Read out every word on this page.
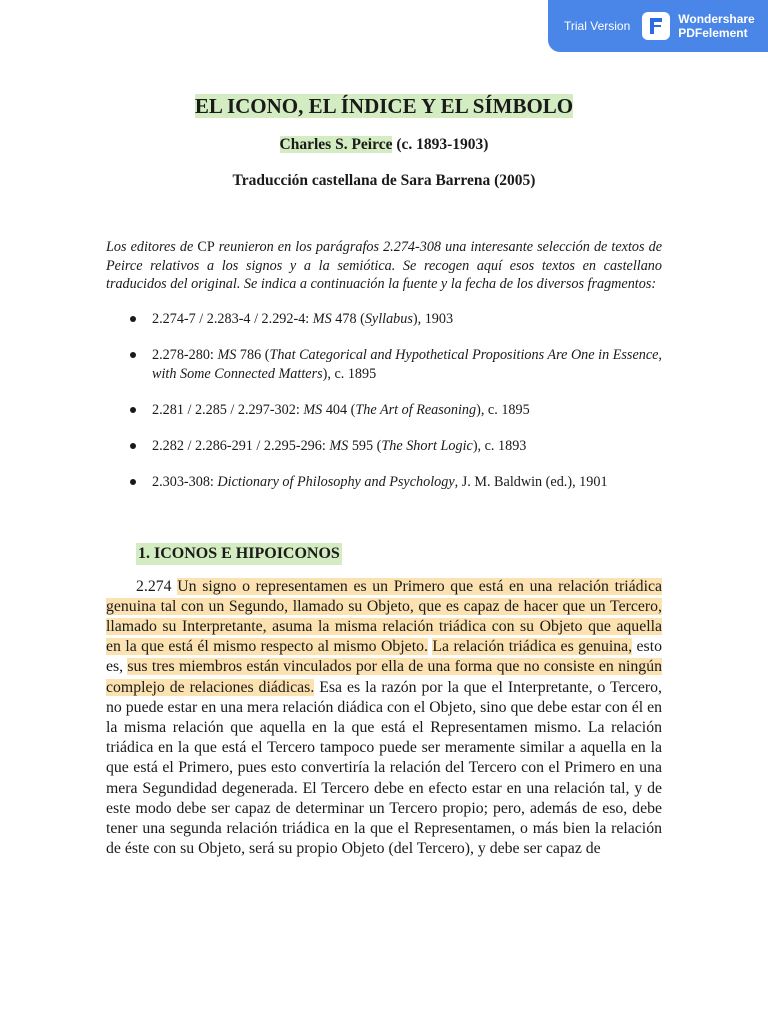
Trial Version	Wondershare
PDFelement
EL ICONO, EL ÍNDICE Y EL SÍMBOLO
Charles S. Peirce (c. 1893-1903)
Traducción castellana de Sara Barrena (2005)

Los editores de CP reunieron en los parágrafos 2.274-308 una interesante selección de textos de Peirce relativos a los signos y a la semiótica. Se recogen aquí esos textos en castellano traducidos del original. Se indica a continuación la fuente y la fecha de los diversos fragmentos:

2.274-7 / 2.283-4 / 2.292-4: MS 478 (Syllabus), 1903
2.278-280: MS 786 (That Categorical and Hypothetical Propositions Are One in Essence, with Some Connected Matters), c. 1895
2.281 / 2.285 / 2.297-302: MS 404 (The Art of Reasoning), c. 1895
2.282 / 2.286-291 / 2.295-296: MS 595 (The Short Logic), c. 1893
2.303-308: Dictionary of Philosophy and Psychology, J. M. Baldwin (ed.), 1901
1. ICONOS E HIPOICONOS

2.274 Un signo o representamen es un Primero que está en una relación triádica genuina tal con un Segundo, llamado su Objeto, que es capaz de hacer que un Tercero, llamado su Interpretante, asuma la misma relación triádica con su Objeto que aquella en la que está él mismo respecto al mismo Objeto. La relación triádica es genuina, esto es, sus tres miembros están vinculados por ella de una forma que no consiste en ningún complejo de relaciones diádicas. Esa es la razón por la que el Interpretante, o Tercero, no puede estar en una mera relación diádica con el Objeto, sino que debe estar con él en la misma relación que aquella en la que está el Representamen mismo. La relación triádica en la que está el Tercero tampoco puede ser meramente similar a aquella en la que está el Primero, pues esto convertiría la relación del Tercero con el Primero en una mera Segundidad degenerada. El Tercero debe en efecto estar en una relación tal, y de este modo debe ser capaz de determinar un Tercero propio; pero, además de eso, debe tener una segunda relación triádica en la que el Representamen, o más bien la relación de éste con su Objeto, será su propio Objeto (del Tercero), y debe ser capaz de
